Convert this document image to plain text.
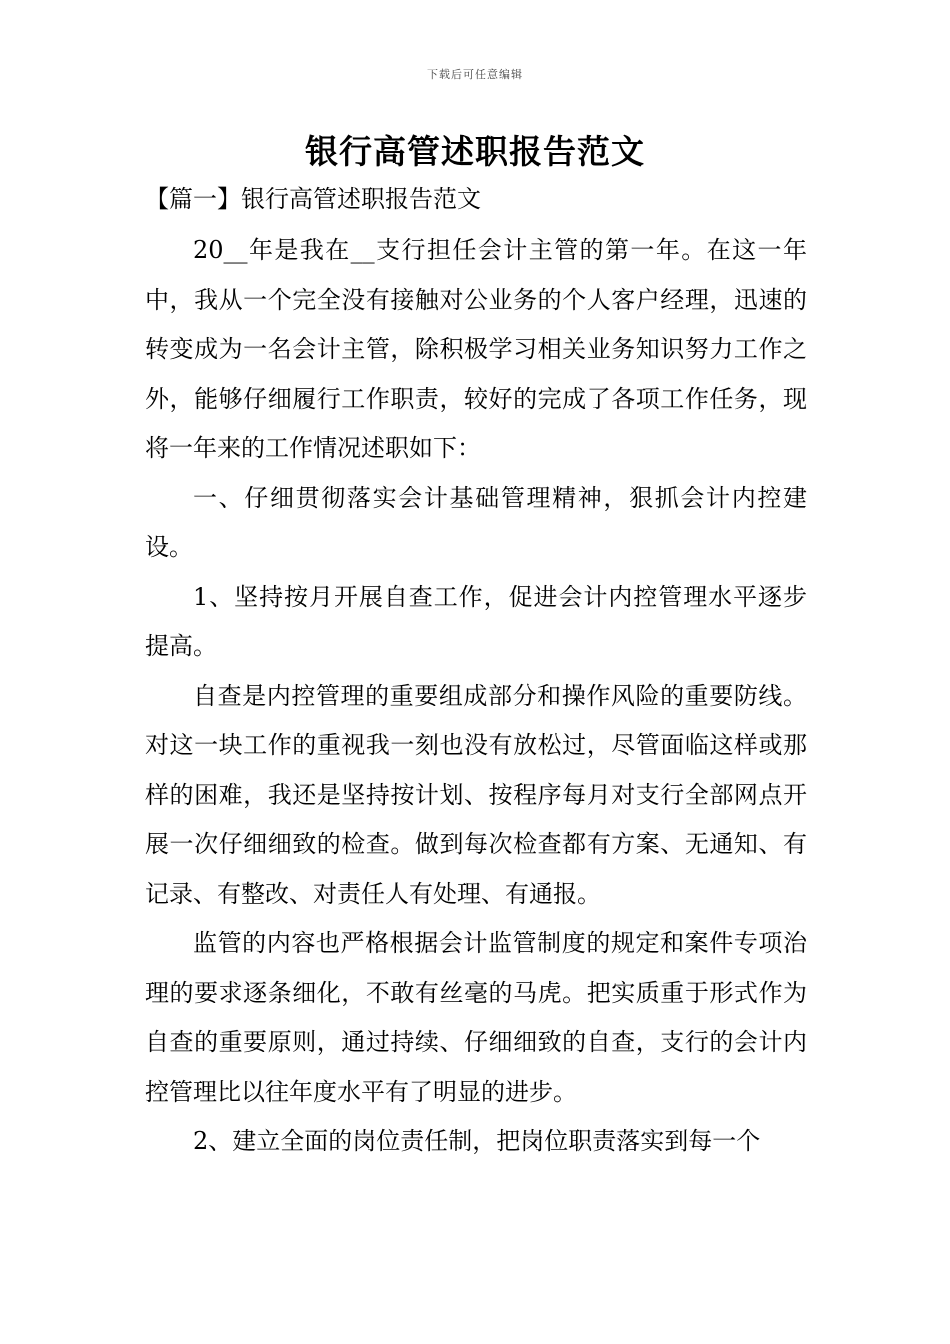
下载后可任意编辑
银行高管述职报告范文
【篇一】银行高管述职报告范文

20__年是我在__支行担任会计主管的第一年。在这一年中，我从一个完全没有接触对公业务的个人客户经理，迅速的转变成为一名会计主管，除积极学习相关业务知识努力工作之外，能够仔细履行工作职责，较好的完成了各项工作任务，现将一年来的工作情况述职如下：

一、仔细贯彻落实会计基础管理精神，狠抓会计内控建设。

1、坚持按月开展自查工作，促进会计内控管理水平逐步提高。

自查是内控管理的重要组成部分和操作风险的重要防线。对这一块工作的重视我一刻也没有放松过，尽管面临这样或那样的困难，我还是坚持按计划、按程序每月对支行全部网点开展一次仔细细致的检查。做到每次检查都有方案、无通知、有记录、有整改、对责任人有处理、有通报。

监管的内容也严格根据会计监管制度的规定和案件专项治理的要求逐条细化，不敢有丝毫的马虎。把实质重于形式作为自查的重要原则，通过持续、仔细细致的自查，支行的会计内控管理比以往年度水平有了明显的进步。

2、建立全面的岗位责任制，把岗位职责落实到每一个
